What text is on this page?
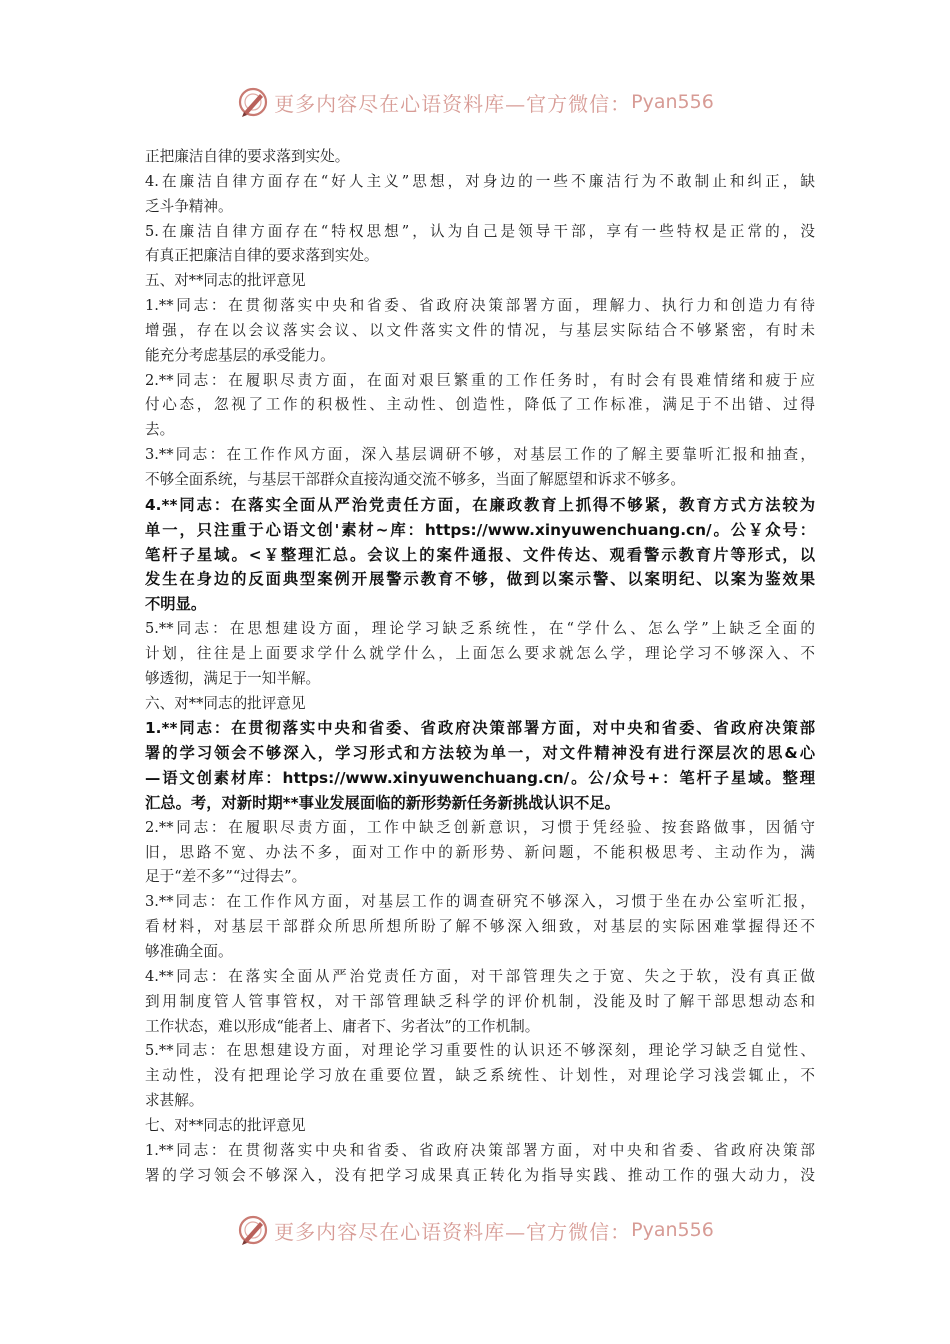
更多内容尽在心语资料库—官方微信： Pyan556
正把廉洁自律的要求落到实处。
4.在廉洁自律方面存在“好人主义”思想，对身边的一些不廉洁行为不敢制止和纠正，缺
乏斗争精神。
5.在廉洁自律方面存在“特权思想”，认为自己是领导干部，享有一些特权是正常的，没
有真正把廉洁自律的要求落到实处。
五、对**同志的批评意见
1.**同志：在贯彻落实中央和省委、省政府决策部署方面，理解力、执行力和创造力有待
增强，存在以会议落实会议、以文件落实文件的情况，与基层实际结合不够紧密，有时未
能充分考虑基层的承受能力。
2.**同志：在履职尽责方面，在面对艰巨繁重的工作任务时，有时会有畏难情绪和疲于应
付心态，忽视了工作的积极性、主动性、创造性，降低了工作标准，满足于不出错、过得
去。
3.**同志：在工作作风方面，深入基层调研不够，对基层工作的了解主要靠听汇报和抽查，
不够全面系统，与基层干部群众直接沟通交流不够多，当面了解愿望和诉求不够多。
4.**同志：在落实全面从严治党责任方面，在廉政教育上抓得不够紧，教育方式方法较为
单一，只注重于心语文创'素材~库：https://www.xinyuwenchuang.cn/。公￥众号：
笔杆子星域。<￥整理汇总。会议上的案件通报、文件传达、观看警示教育片等形式，以
发生在身边的反面典型案例开展警示教育不够，做到以案示警、以案明纪、以案为鉴效果
不明显。
5.**同志：在思想建设方面，理论学习缺乏系统性，在“学什么、怎么学”上缺乏全面的
计划，往往是上面要求学什么就学什么，上面怎么要求就怎么学，理论学习不够深入、不
够透彻，满足于一知半解。
六、对**同志的批评意见
1.**同志：在贯彻落实中央和省委、省政府决策部署方面，对中央和省委、省政府决策部
署的学习领会不够深入，学习形式和方法较为单一，对文件精神没有进行深层次的思&心
—语文创素材库：https://www.xinyuwenchuang.cn/。公/众号+：笔杆子星域。整理
汇总。考，对新时期**事业发展面临的新形势新任务新挑战认识不足。
2.**同志：在履职尽责方面，工作中缺乏创新意识，习惯于凭经验、按套路做事，因循守
旧，思路不宽、办法不多，面对工作中的新形势、新问题，不能积极思考、主动作为，满
足于“差不多”“过得去”。
3.**同志：在工作作风方面，对基层工作的调查研究不够深入，习惯于坐在办公室听汇报，
看材料，对基层干部群众所思所想所盼了解不够深入细致，对基层的实际困难掌握得还不
够准确全面。
4.**同志：在落实全面从严治党责任方面，对干部管理失之于宽、失之于软，没有真正做
到用制度管人管事管权，对干部管理缺乏科学的评价机制，没能及时了解干部思想动态和
工作状态，难以形成“能者上、庸者下、劣者汰”的工作机制。
5.**同志：在思想建设方面，对理论学习重要性的认识还不够深刻，理论学习缺乏自觉性、
主动性，没有把理论学习放在重要位置，缺乏系统性、计划性，对理论学习浅尝辄止，不
求甚解。
七、对**同志的批评意见
1.**同志：在贯彻落实中央和省委、省政府决策部署方面，对中央和省委、省政府决策部
署的学习领会不够深入，没有把学习成果真正转化为指导实践、推动工作的强大动力，没
更多内容尽在心语资料库—官方微信： Pyan556
